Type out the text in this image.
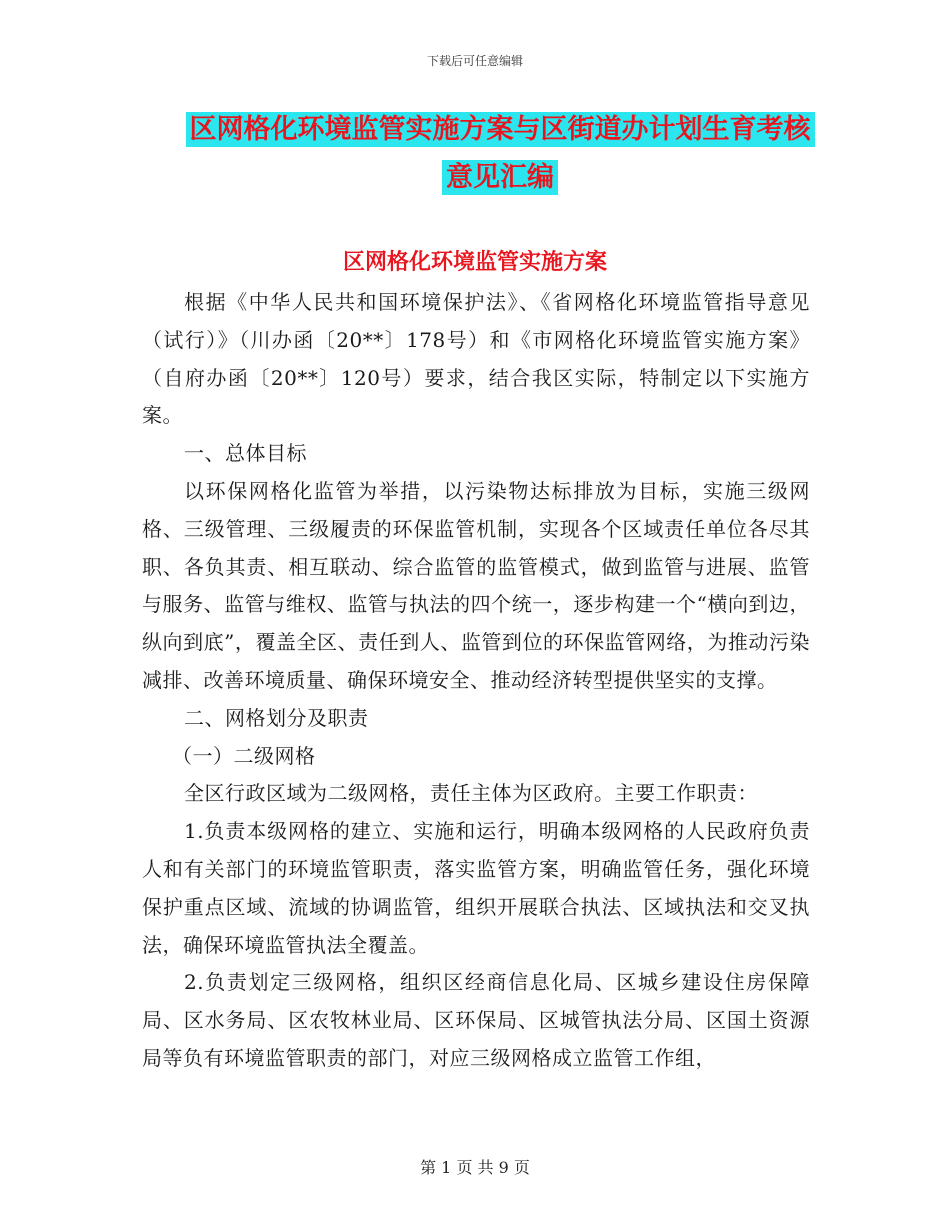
下载后可任意编辑
区网格化环境监管实施方案与区街道办计划生育考核
意见汇编
区网格化环境监管实施方案

根据《中华人民共和国环境保护法》、《省网格化环境监管指导意见（试行）》（川办函〔20**〕178号）和《市网格化环境监管实施方案》（自府办函〔20**〕120号）要求，结合我区实际，特制定以下实施方案。

一、总体目标

以环保网格化监管为举措，以污染物达标排放为目标，实施三级网格、三级管理、三级履责的环保监管机制，实现各个区域责任单位各尽其职、各负其责、相互联动、综合监管的监管模式，做到监管与进展、监管与服务、监管与维权、监管与执法的四个统一，逐步构建一个“横向到边，纵向到底”，覆盖全区、责任到人、监管到位的环保监管网络，为推动污染减排、改善环境质量、确保环境安全、推动经济转型提供坚实的支撑。

二、网格划分及职责

（一）二级网格

全区行政区域为二级网格，责任主体为区政府。主要工作职责：

1.负责本级网格的建立、实施和运行，明确本级网格的人民政府负责人和有关部门的环境监管职责，落实监管方案，明确监管任务，强化环境保护重点区域、流域的协调监管，组织开展联合执法、区域执法和交叉执法，确保环境监管执法全覆盖。

2.负责划定三级网格，组织区经商信息化局、区城乡建设住房保障局、区水务局、区农牧林业局、区环保局、区城管执法分局、区国土资源局等负有环境监管职责的部门，对应三级网格成立监管工作组，

第 1 页 共 9 页
